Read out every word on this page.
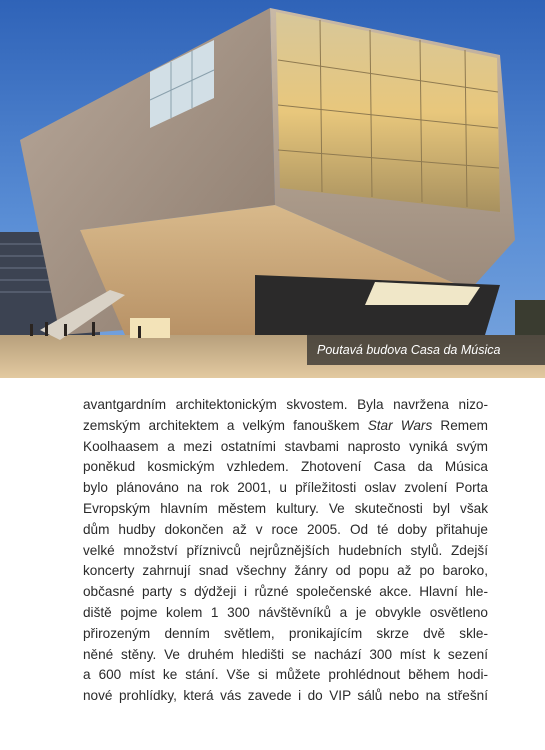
Poutavá budova Casa da Música
avantgardním architektonickým skvostem. Byla navržena nizo-
zemským architektem a velkým fanouškem Star Wars Remem
Koolhaasem a mezi ostatními stavbami naprosto vyniká svým
poněkud kosmickým vzhledem. Zhotovení Casa da Música
bylo plánováno na rok 2001, u příležitosti oslav zvolení Porta
Evropským hlavním městem kultury. Ve skutečnosti byl však
dům hudby dokončen až v roce 2005. Od té doby přitahuje
velké množství příznivců nejrůznějších hudebních stylů. Zdejší
koncerty zahrnují snad všechny žánry od popu až po baroko,
občasné party s dýdžeji i různé společenské akce. Hlavní hle-
diště pojme kolem 1 300 návštěvníků a je obvykle osvětleno
přirozeným denním světlem, pronikajícím skrze dvě skle-
něné stěny. Ve druhém hledišti se nachází 300 míst k sezení
a 600 míst ke stání. Vše si můžete prohlédnout během hodi-
nové prohlídky, která vás zavede i do VIP sálů nebo na střešní
